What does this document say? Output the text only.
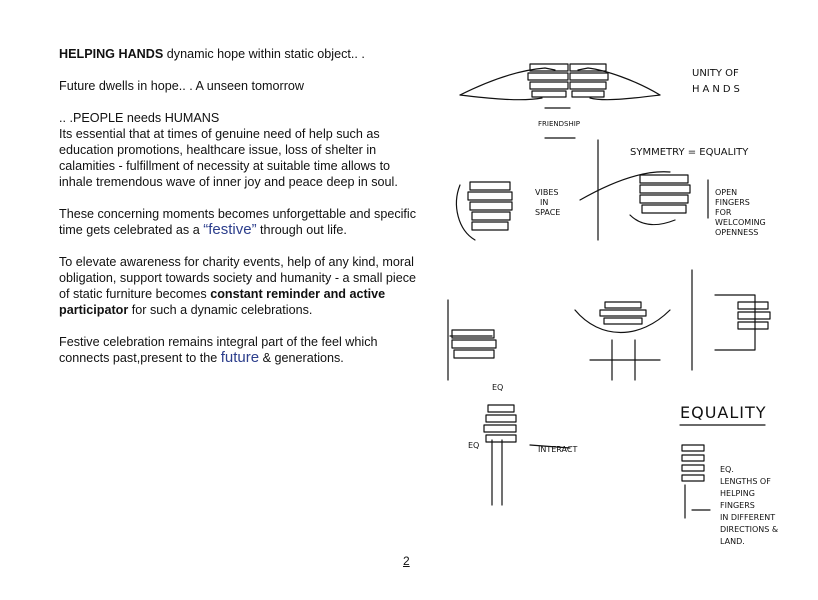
HELPING HANDS dynamic hope within static object.. .

Future dwells in hope.. . A unseen tomorrow

.. .PEOPLE needs HUMANS
Its essential that at times of genuine need of help such as education promotions, healthcare issue, loss of shelter in calamities - fulfillment of necessity at suitable time allows to inhale tremendous wave of inner joy and peace deep in soul.

These concerning moments becomes unforgettable and specific time gets celebrated as a “festive” through out life.

To elevate awareness for charity events, help of any kind, moral obligation, support towards society and humanity - a small piece of static furniture becomes constant reminder and active participator for such a dynamic celebrations.

Festive celebration remains integral part of the feel which connects past,present to the future & generations.

UNITY OF
HANDS
FRIENDSHIP
SYMMETRY = EQUALITY
OPEN
FINGERS
FOR
WELCOMING
OPENNESS
VIBES
IN
SPACE
EQ
EQ	INTERACT
EQUALITY
EQ.
LENGTHS OF
HELPING
FINGERS
IN DIFFERENT
DIRECTIONS &
LAND.
2
